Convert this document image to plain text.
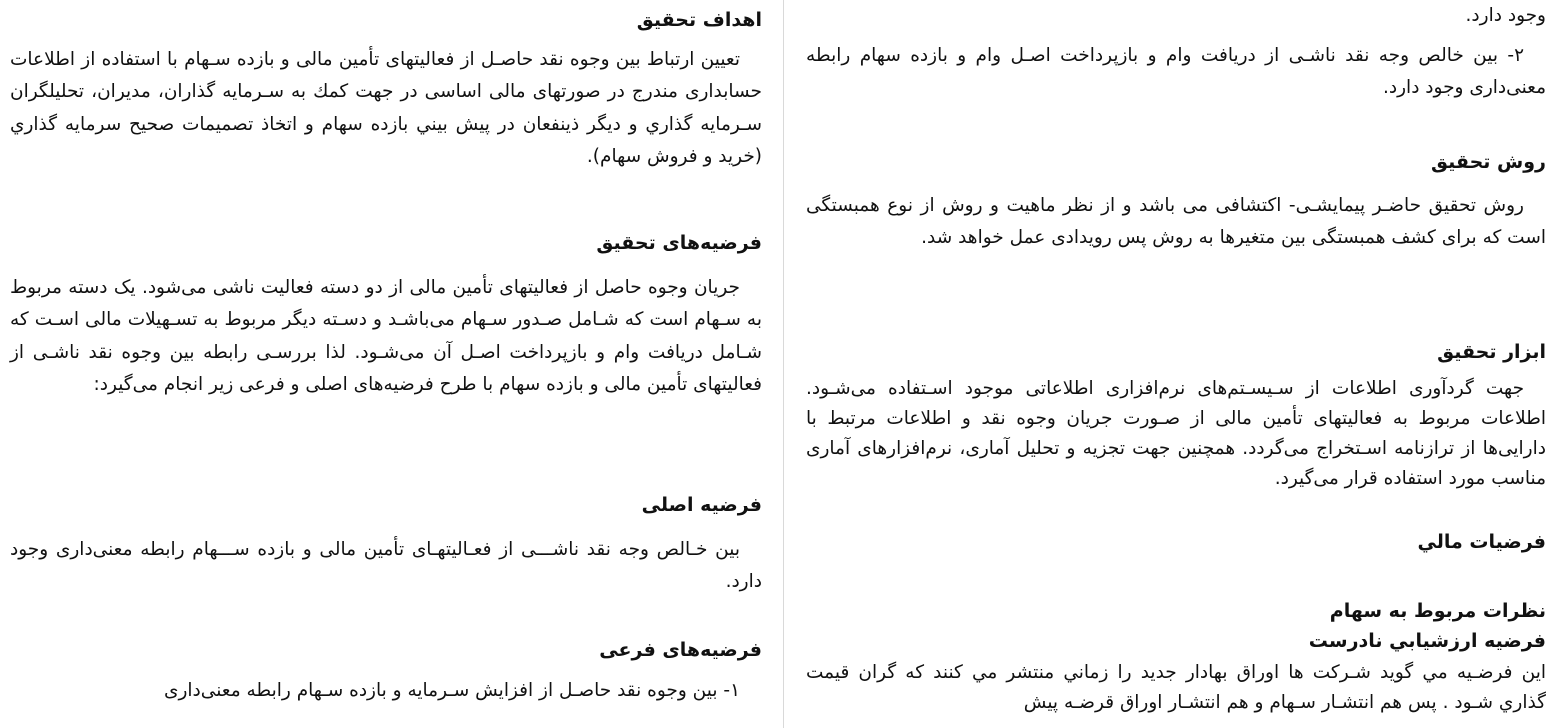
اهداف تحقیق

تعیین ارتباط بین وجوه نقد حاصـل از فعالیتهای تأمین مالی و بازده سـهام با استفاده از اطلاعات حسابداری مندرج در صورتهای مالی اساسی در جهت کمك به سـرمایه گذاران، مدیران، تحلیلگران سـرمایه گذاري و دیگر ذینفعان در پیش بیني بازده سهام و اتخاذ تصمیمات صحیح سرمایه گذاري (خرید و فروش سهام).

فرضیه‌های تحقیق

جریان وجوه حاصل از فعالیتهای تأمین مالی از دو دسته فعالیت ناشی می‌شود. یک دسته مربوط به سـهام است که شـامل صـدور سـهام می‌باشـد و دسـته دیگر مربوط به تسـهیلات مالی اسـت که شـامل دریافت وام و بازپرداخت اصـل آن می‌شـود. لذا بررسـی رابطه بین وجوه نقد ناشـی از فعالیتهای تأمین مالی و بازده سهام با طرح فرضیه‌های اصلی و فرعی زیر انجام می‌گیرد:

فرضیه اصلی

بین خـالص وجه نقد ناشـــی از فعـالیتهـای تأمین مالی و بازده ســـهام رابطه معنی‌داری وجود دارد.

فرضیه‌های فرعی

۱- بین وجوه نقد حاصـل از افزایش سـرمایه و بازده سـهام رابطه معنی‌داری

وجود دارد.

۲- بین خالص وجه نقد ناشـی از دریافت وام و بازپرداخت اصـل وام و بازده سهام رابطه معنی‌داری وجود دارد.

روش تحقیق

روش تحقیق حاضـر پیمایشـی- اکتشافی می باشد و از نظر ماهیت و روش از نوع همبستگی است که برای کشف همبستگی بین متغیرها به روش پس رویدادی عمل خواهد شد.

ابزار تحقیق

جهت گردآوری اطلاعات از سـیسـتم‌های نرم‌افزاری اطلاعاتی موجود اسـتفاده می‌شـود. اطلاعات مربوط به فعالیتهای تأمین مالی از صـورت جریان وجوه نقد و اطلاعات مرتبط با دارایی‌ها از ترازنامه اسـتخراج می‌گردد. همچنین جهت تجزیه و تحلیل آماری، نرم‌افزارهای آماری مناسب مورد استفاده قرار می‌گیرد.

فرضیات مالي
نظرات مربوط به سهام
فرضیه ارزشیابي نادرست

این فرضـیه مي گوید شـرکت ها اوراق بهادار جدید را زماني منتشر مي کنند که گران قیمت گذاري شـود . پس هم انتشـار سـهام و هم انتشـار اوراق قرضـه پیش
